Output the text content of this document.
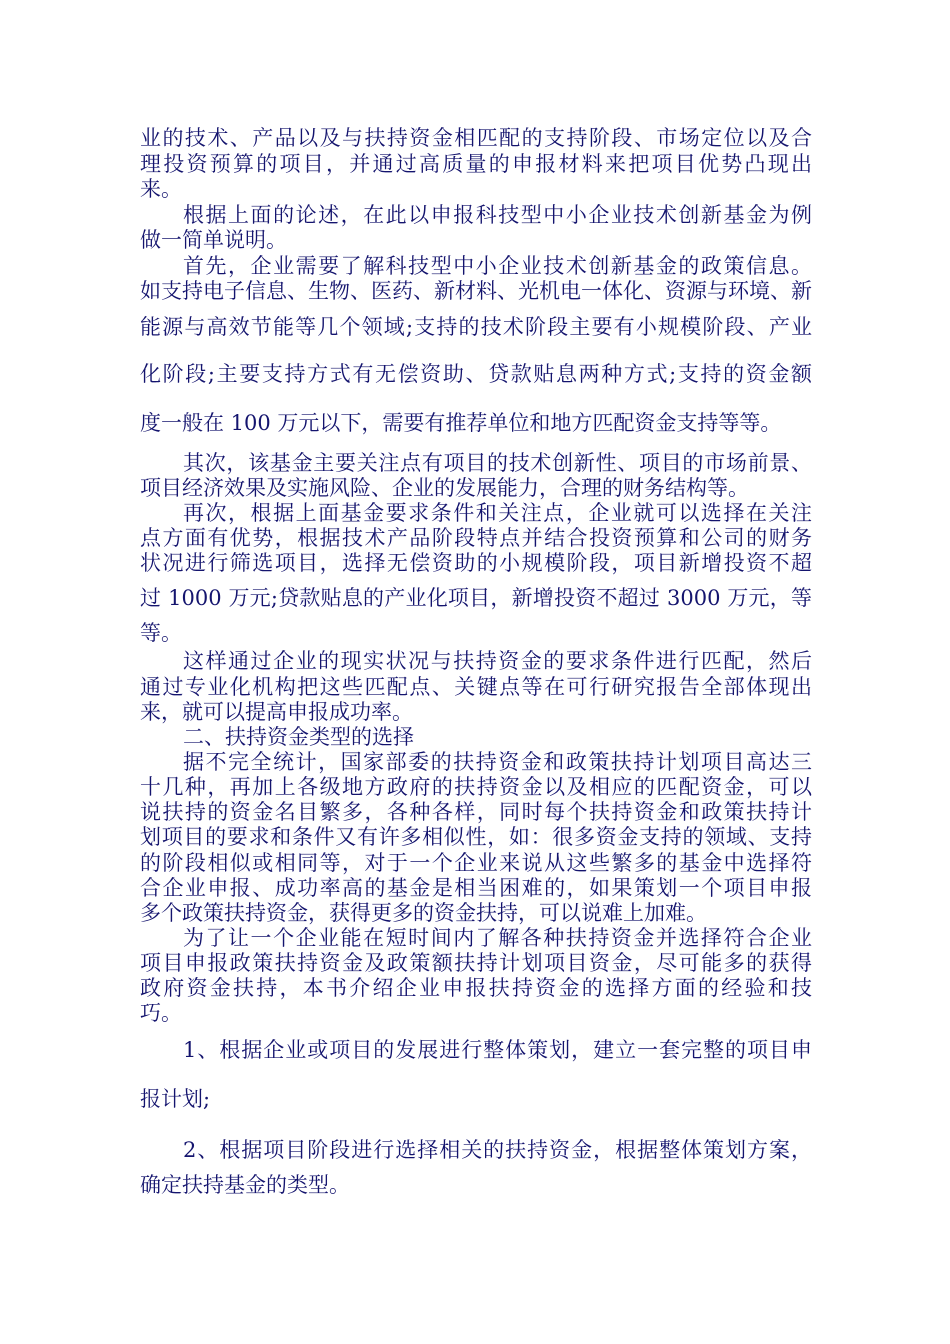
业的技术、产品以及与扶持资金相匹配的支持阶段、市场定位以及合
理投资预算的项目，并通过高质量的申报材料来把项目优势凸现出
来。
根据上面的论述，在此以申报科技型中小企业技术创新基金为例
做一简单说明。
首先，企业需要了解科技型中小企业技术创新基金的政策信息。
如支持电子信息、生物、医药、新材料、光机电一体化、资源与环境、新
能源与高效节能等几个领域;支持的技术阶段主要有小规模阶段、产业
化阶段;主要支持方式有无偿资助、贷款贴息两种方式;支持的资金额
度一般在 100 万元以下，需要有推荐单位和地方匹配资金支持等等。
其次，该基金主要关注点有项目的技术创新性、项目的市场前景、
项目经济效果及实施风险、企业的发展能力，合理的财务结构等。
再次，根据上面基金要求条件和关注点，企业就可以选择在关注
点方面有优势，根据技术产品阶段特点并结合投资预算和公司的财务
状况进行筛选项目，选择无偿资助的小规模阶段，项目新增投资不超
过 1000 万元;贷款贴息的产业化项目，新增投资不超过 3000 万元，等
等。
这样通过企业的现实状况与扶持资金的要求条件进行匹配，然后
通过专业化机构把这些匹配点、关键点等在可行研究报告全部体现出
来，就可以提高申报成功率。
二、扶持资金类型的选择
据不完全统计，国家部委的扶持资金和政策扶持计划项目高达三
十几种，再加上各级地方政府的扶持资金以及相应的匹配资金，可以
说扶持的资金名目繁多，各种各样，同时每个扶持资金和政策扶持计
划项目的要求和条件又有许多相似性，如：很多资金支持的领域、支持
的阶段相似或相同等，对于一个企业来说从这些繁多的基金中选择符
合企业申报、成功率高的基金是相当困难的，如果策划一个项目申报
多个政策扶持资金，获得更多的资金扶持，可以说难上加难。
为了让一个企业能在短时间内了解各种扶持资金并选择符合企业
项目申报政策扶持资金及政策额扶持计划项目资金，尽可能多的获得
政府资金扶持，本书介绍企业申报扶持资金的选择方面的经验和技
巧。
1、根据企业或项目的发展进行整体策划，建立一套完整的项目申
报计划;
2、根据项目阶段进行选择相关的扶持资金，根据整体策划方案，
确定扶持基金的类型。
